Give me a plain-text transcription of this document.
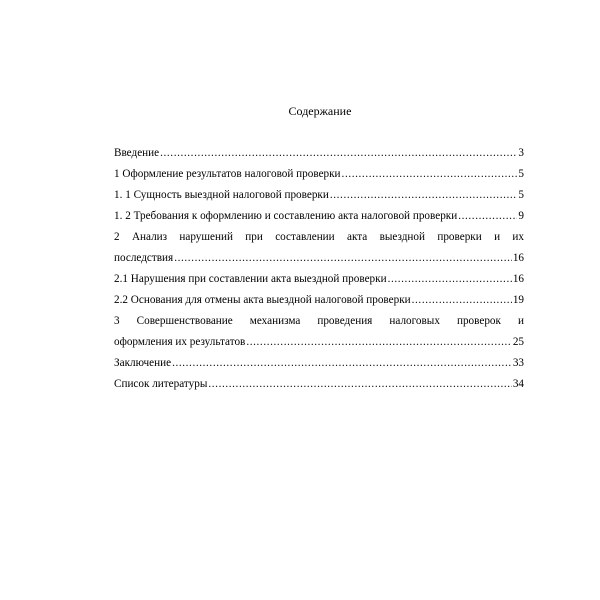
Содержание
Введение .....	3
1 Оформление результатов налоговой проверки .....	5
1. 1 Сущность выездной налоговой проверки .....	5
1. 2 Требования к оформлению и составлению акта налоговой проверки .....	9
2 Анализ нарушений при составлении акта выездной проверки и их
последствия .....	16
2.1 Нарушения при составлении акта выездной проверки .....	16
2.2 Основания для отмены акта выездной налоговой проверки .....	19
3 Совершенствование механизма проведения налоговых проверок и
оформления их результатов .....	25
Заключение .....	33
Список литературы .....	34
